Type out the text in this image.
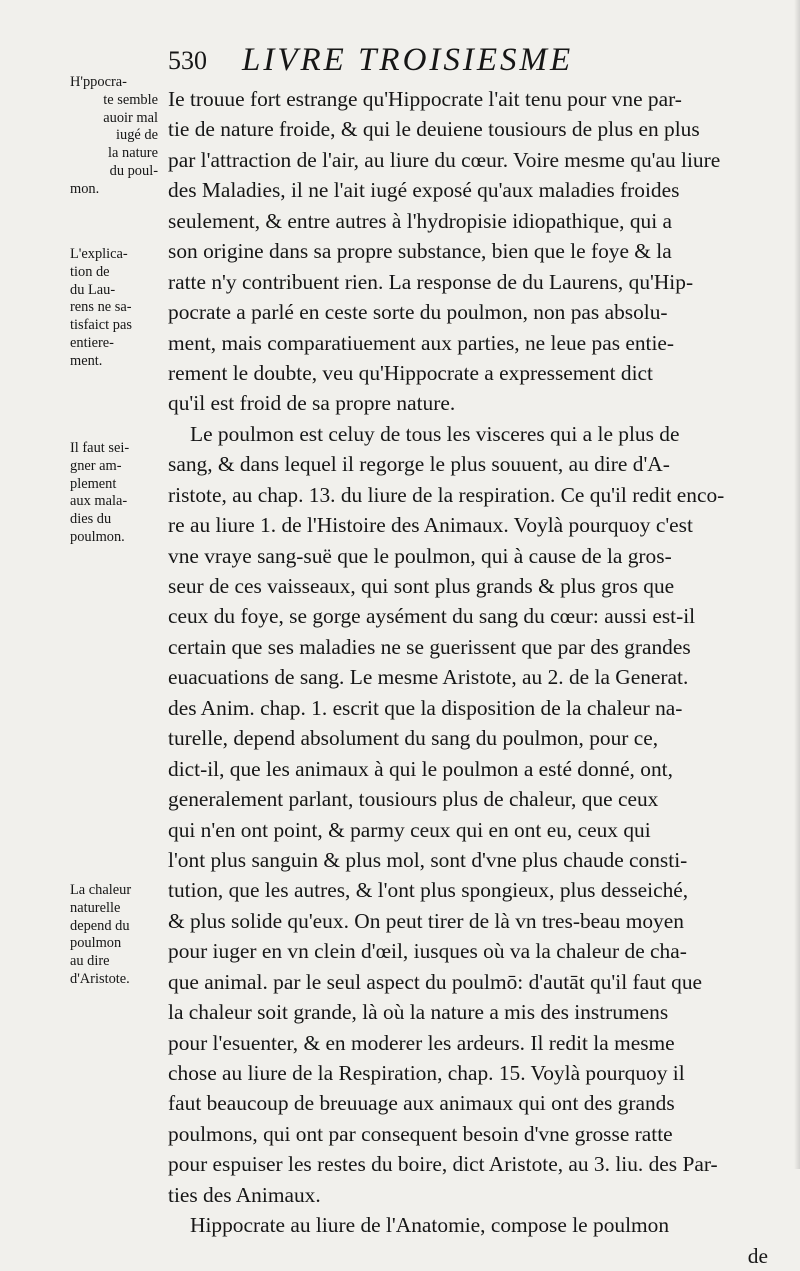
530 LIVRE TROISIESME
H'ppocra-
te semble
auoir mal
iugé de
la nature
du poul-
mon.
L'explica-
tion de
du Lau-
rens ne sa-
tisfaict pas
entiere-
ment.
Il faut sei-
gner am-
plement
aux mala-
dies du
poulmon.
La chaleur
naturelle
depend du
poulmon
au dire
d'Aristote.
Ie trouue fort estrange qu'Hippocrate l'ait tenu pour vne par-
tie de nature froide, & qui le deuiene tousiours de plus en plus
par l'attraction de l'air, au liure du cœur. Voire mesme qu'au liure
des Maladies, il ne l'ait iugé exposé qu'aux maladies froides
seulement, & entre autres à l'hydropisie idiopathique, qui a
son origine dans sa propre substance, bien que le foye & la
ratte n'y contribuent rien. La response de du Laurens, qu'Hip-
pocrate a parlé en ceste sorte du poulmon, non pas absolu-
ment, mais comparatiuement aux parties, ne leue pas entie-
rement le doubte, veu qu'Hippocrate a expressement dict
qu'il est froid de sa propre nature.
Le poulmon est celuy de tous les visceres qui a le plus de
sang, & dans lequel il regorge le plus souuent, au dire d'A-
ristote, au chap. 13. du liure de la respiration. Ce qu'il redit enco-
re au liure 1. de l'Histoire des Animaux. Voylà pourquoy c'est
vne vraye sang-suë que le poulmon, qui à cause de la gros-
seur de ces vaisseaux, qui sont plus grands & plus gros que
ceux du foye, se gorge aysément du sang du cœur: aussi est-il
certain que ses maladies ne se guerissent que par des grandes
euacuations de sang. Le mesme Aristote, au 2. de la Generat.
des Anim. chap. 1. escrit que la disposition de la chaleur na-
turelle, depend absolument du sang du poulmon, pour ce,
dict-il, que les animaux à qui le poulmon a esté donné, ont,
generalement parlant, tousiours plus de chaleur, que ceux
qui n'en ont point, & parmy ceux qui en ont eu, ceux qui
l'ont plus sanguin & plus mol, sont d'vne plus chaude consti-
tution, que les autres, & l'ont plus spongieux, plus desseiché,
& plus solide qu'eux. On peut tirer de là vn tres-beau moyen
pour iuger en vn clein d'œil, iusques où va la chaleur de cha-
que animal. par le seul aspect du poulmō: d'autāt qu'il faut que
la chaleur soit grande, là où la nature a mis des instrumens
pour l'esuenter, & en moderer les ardeurs. Il redit la mesme
chose au liure de la Respiration, chap. 15. Voylà pourquoy il
faut beaucoup de breuuage aux animaux qui ont des grands
poulmons, qui ont par consequent besoin d'vne grosse ratte
pour espuiser les restes du boire, dict Aristote, au 3. liu. des Par-
ties des Animaux.
Hippocrate au liure de l'Anatomie, compose le poulmon
de
